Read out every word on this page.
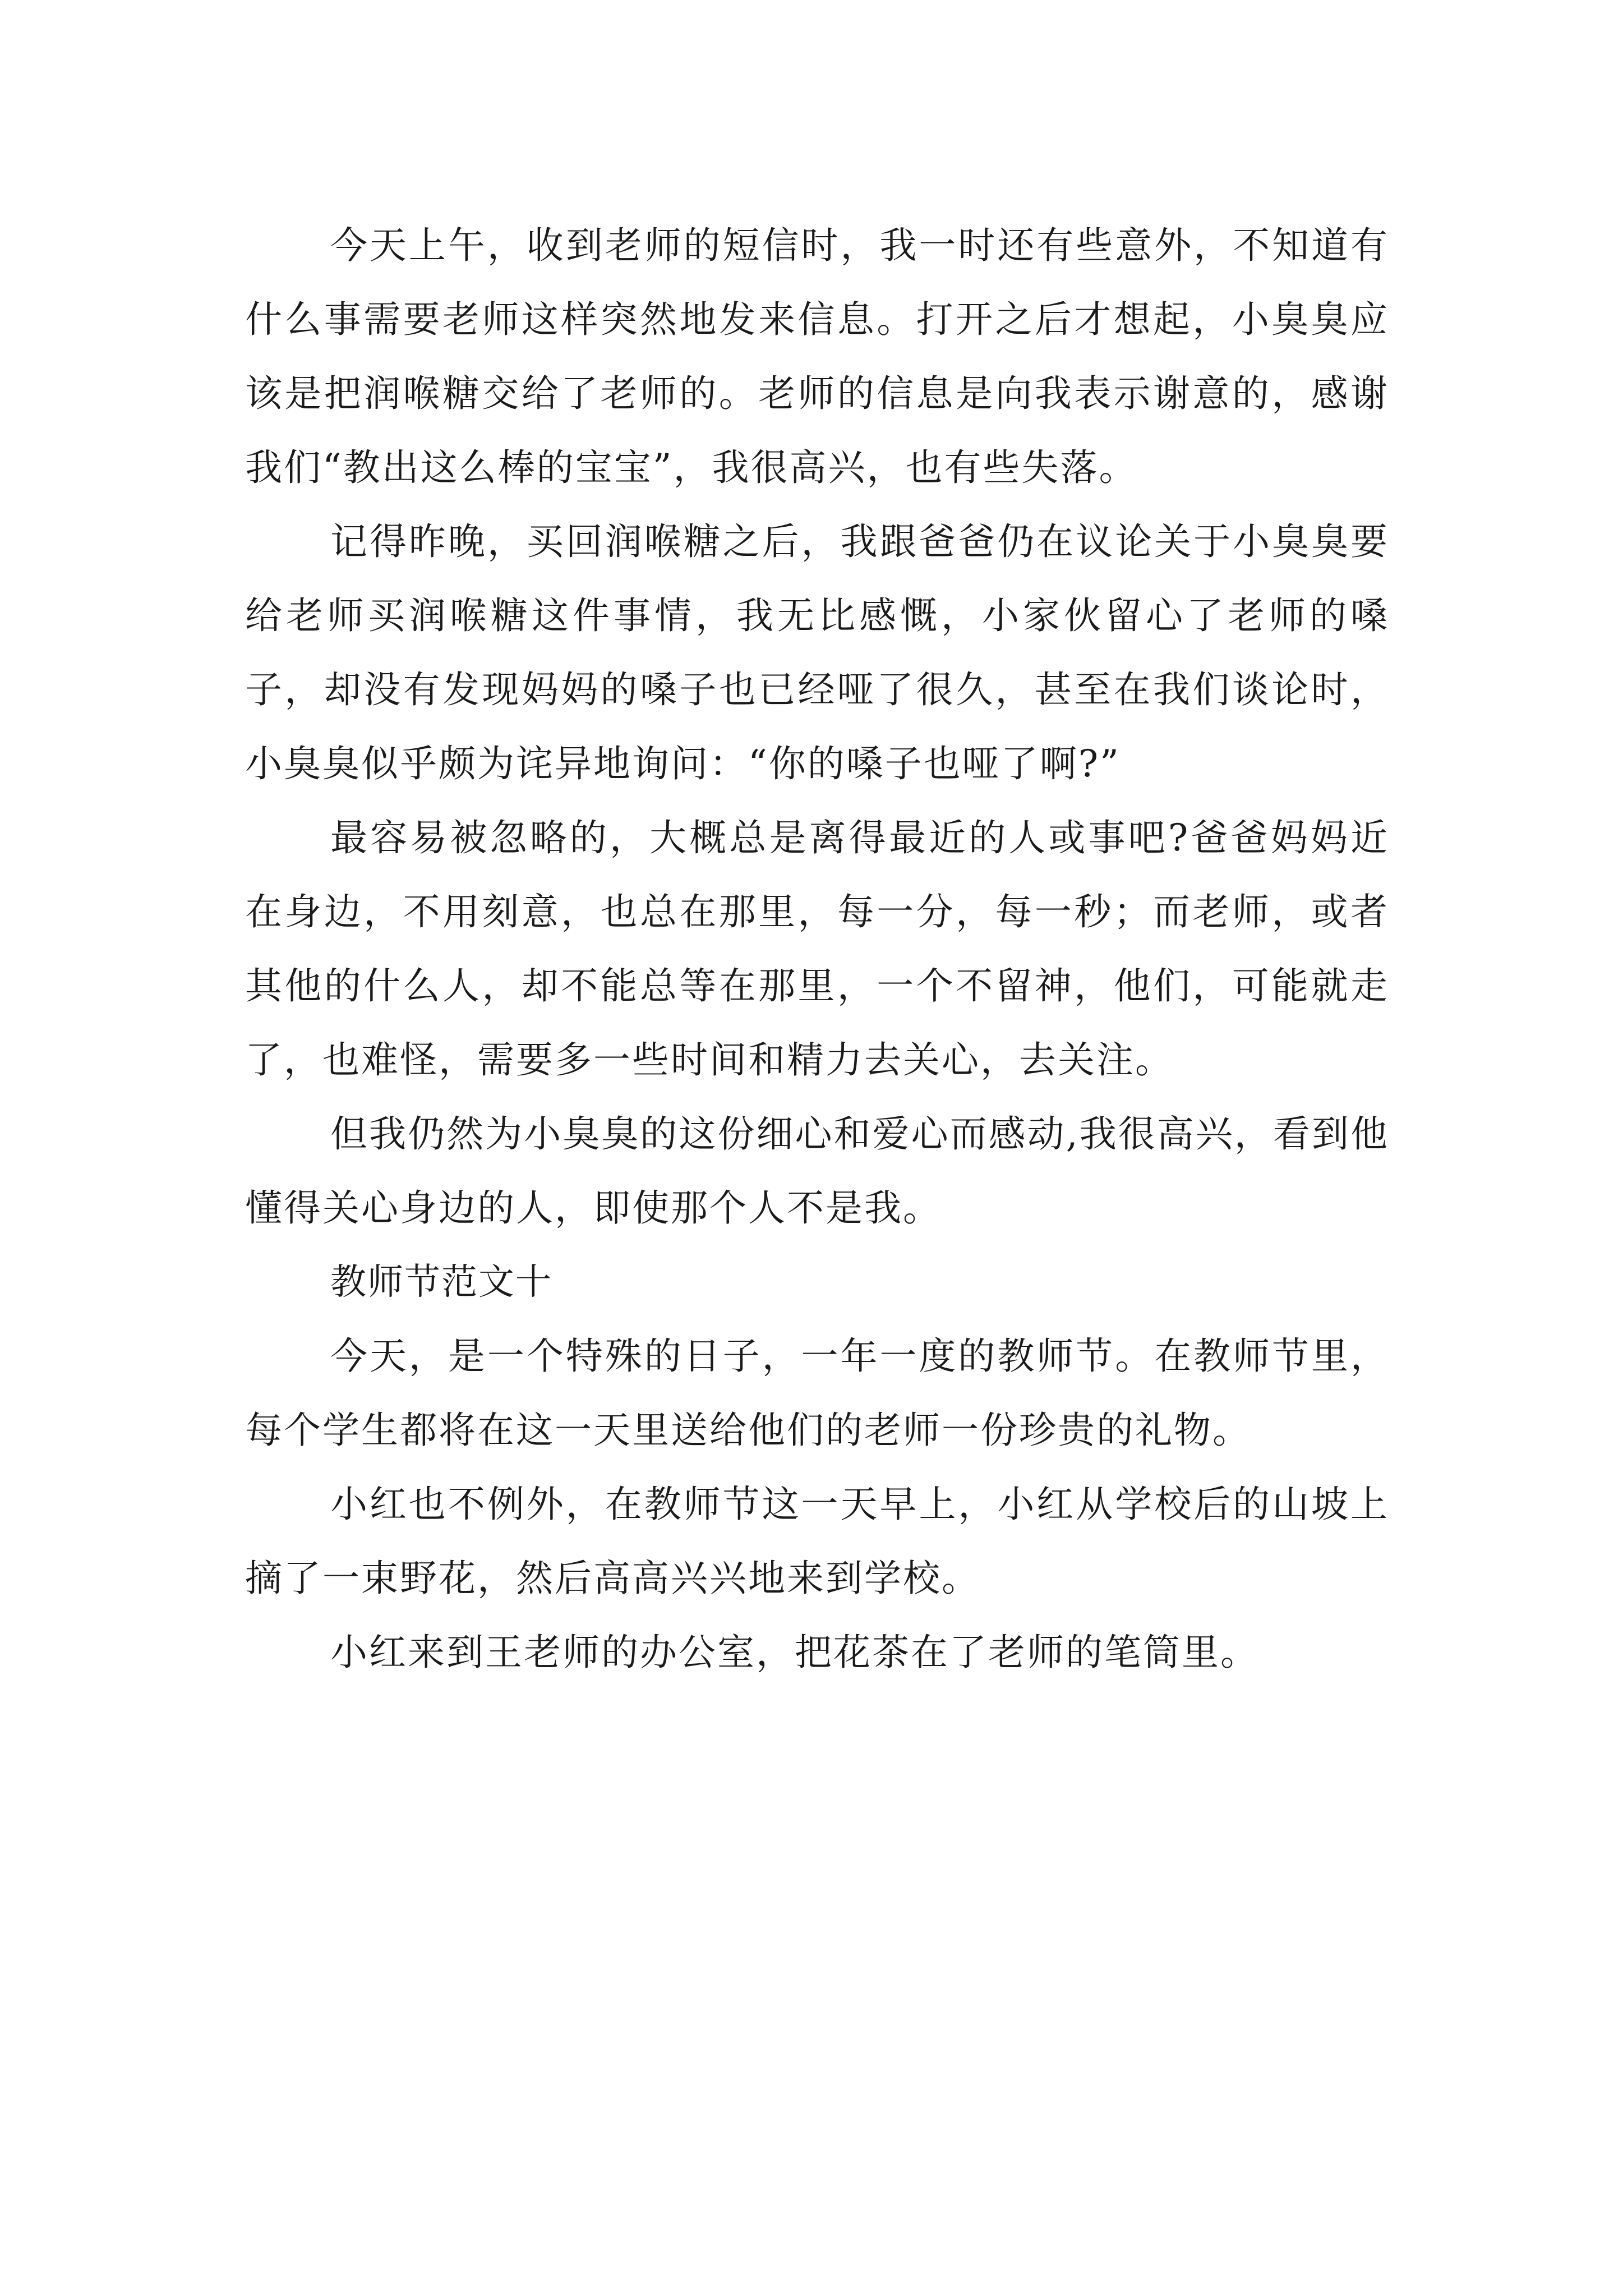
今天上午，收到老师的短信时，我一时还有些意外，不知道有什么事需要老师这样突然地发来信息。打开之后才想起，小臭臭应该是把润喉糖交给了老师的。老师的信息是向我表示谢意的，感谢我们“教出这么棒的宝宝”，我很高兴，也有些失落。

记得昨晚，买回润喉糖之后，我跟爸爸仍在议论关于小臭臭要给老师买润喉糖这件事情，我无比感慨，小家伙留心了老师的嗓子，却没有发现妈妈的嗓子也已经哑了很久，甚至在我们谈论时，小臭臭似乎颇为诧异地询问：“你的嗓子也哑了啊?”

最容易被忽略的，大概总是离得最近的人或事吧?爸爸妈妈近在身边，不用刻意，也总在那里，每一分，每一秒；而老师，或者其他的什么人，却不能总等在那里，一个不留神，他们，可能就走了，也难怪，需要多一些时间和精力去关心，去关注。

但我仍然为小臭臭的这份细心和爱心而感动,我很高兴，看到他懂得关心身边的人，即使那个人不是我。

教师节范文十

今天，是一个特殊的日子，一年一度的教师节。在教师节里，每个学生都将在这一天里送给他们的老师一份珍贵的礼物。

小红也不例外，在教师节这一天早上，小红从学校后的山坡上摘了一束野花，然后高高兴兴地来到学校。

小红来到王老师的办公室，把花茶在了老师的笔筒里。
